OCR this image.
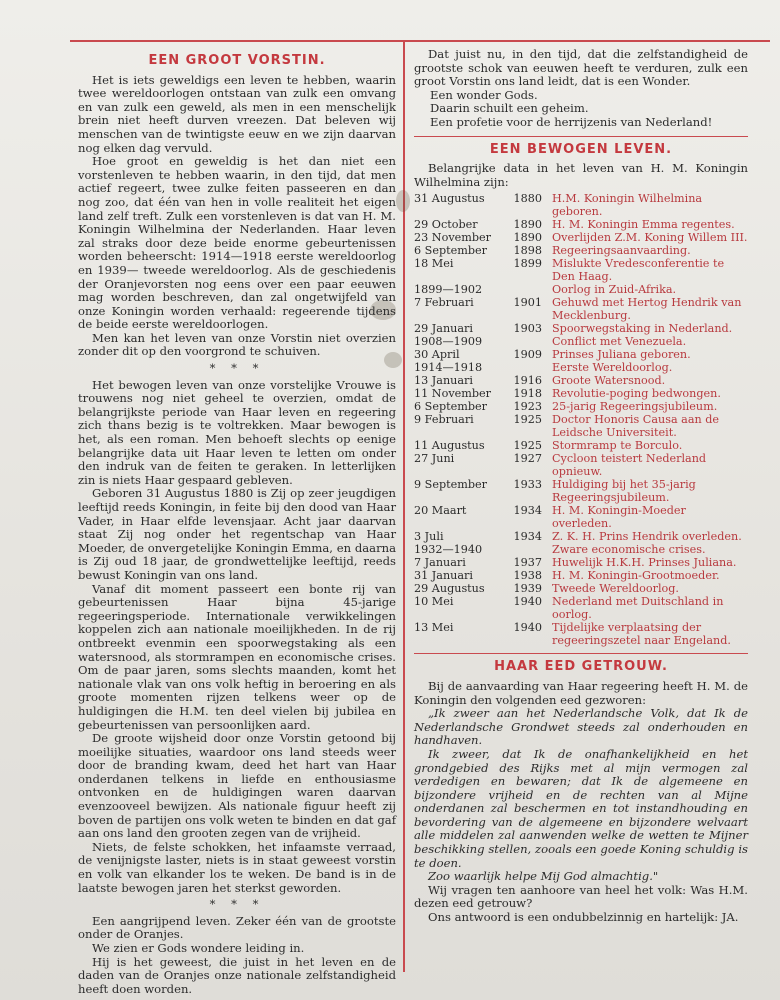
EEN GROOT VORSTIN.

Het is iets geweldigs een leven te hebben, waarin twee wereldoorlogen ontstaan van zulk een omvang en van zulk een geweld, als men in een menschelijk brein niet heeft durven vreezen. Dat beleven wij menschen van de twintigste eeuw en we zijn daarvan nog elken dag vervuld.

Hoe groot en geweldig is het dan niet een vorstenleven te hebben waarin, in den tijd, dat men actief regeert, twee zulke feiten passeeren en dan nog zoo, dat één van hen in volle realiteit het eigen land zelf treft. Zulk een vorstenleven is dat van H. M. Koningin Wilhelmina der Nederlanden. Haar leven zal straks door deze beide enorme gebeurtenissen worden beheerscht: 1914—1918 eerste wereldoorlog en 1939— tweede wereldoorlog. Als de geschiedenis der Oranjevorsten nog eens over een paar eeuwen mag worden beschreven, dan zal ongetwijfeld van onze Koningin worden verhaald: regeerende tijdens de beide eerste wereldoorlogen.

Men kan het leven van onze Vorstin niet overzien zonder dit op den voorgrond te schuiven.

* * *

Het bewogen leven van onze vorstelijke Vrouwe is trouwens nog niet geheel te overzien, omdat de belangrijkste periode van Haar leven en regeering zich thans bezig is te voltrekken. Maar bewogen is het, als een roman. Men behoeft slechts op eenige belangrijke data uit Haar leven te letten om onder den indruk van de feiten te geraken. In letterlijken zin is niets Haar gespaard gebleven.

Geboren 31 Augustus 1880 is Zij op zeer jeugdigen leeftijd reeds Koningin, in feite bij den dood van Haar Vader, in Haar elfde levensjaar. Acht jaar daarvan staat Zij nog onder het regentschap van Haar Moeder, de onvergetelijke Koningin Emma, en daarna is Zij oud 18 jaar, de grondwettelijke leeftijd, reeds bewust Koningin van ons land.

Vanaf dit moment passeert een bonte rij van gebeurtenissen Haar bijna 45-jarige regeeringsperiode. Internationale verwikkelingen koppelen zich aan nationale moeilijkheden. In de rij ontbreekt evenmin een spoorwegstaking als een watersnood, als stormrampen en economische crises. Om de paar jaren, soms slechts maanden, komt het nationale vlak van ons volk heftig in beroering en als groote momenten rijzen telkens weer op de huldigingen die H.M. ten deel vielen bij jubilea en gebeurtenissen van persoonlijken aard.

De groote wijsheid door onze Vorstin getoond bij moeilijke situaties, waardoor ons land steeds weer door de branding kwam, deed het hart van Haar onderdanen telkens in liefde en enthousiasme ontvonken en de huldigingen waren daarvan evenzooveel bewijzen. Als nationale figuur heeft zij boven de partijen ons volk weten te binden en dat gaf aan ons land den grooten zegen van de vrijheid.

Niets, de felste schokken, het infaamste verraad, de venijnigste laster, niets is in staat geweest vorstin en volk van elkander los te weken. De band is in de laatste bewogen jaren het sterkst geworden.

* * *

Een aangrijpend leven. Zeker één van de grootste onder de Oranjes.

We zien er Gods wondere leiding in.

Hij is het geweest, die juist in het leven en de daden van de Oranjes onze nationale zelfstandigheid heeft doen worden.

Dat juist nu, in den tijd, dat die zelfstandigheid de grootste schok van eeuwen heeft te verduren, zulk een groot Vorstin ons land leidt, dat is een Wonder.

Een wonder Gods.
Daarin schuilt een geheim.
Een profetie voor de herrijzenis van Nederland!
EEN BEWOGEN LEVEN.

Belangrijke data in het leven van H. M. Koningin Wilhelmina zijn:

31 Augustus	1880	H.M. Koningin Wilhelmina geboren.
29 October	1890	H. M. Koningin Emma regentes.
23 November	1890	Overlijden Z.M. Koning Willem III.
6 September	1898	Regeeringsaanvaarding.
18 Mei	1899	Mislukte Vredesconferentie te Den Haag.
1899—1902		Oorlog in Zuid-Afrika.
7 Februari	1901	Gehuwd met Hertog Hendrik van Mecklenburg.
29 Januari	1903	Spoorwegstaking in Nederland.
1908—1909		Conflict met Venezuela.
30 April	1909	Prinses Juliana geboren.
1914—1918		Eerste Wereldoorlog.
13 Januari	1916	Groote Watersnood.
11 November	1918	Revolutie-poging bedwongen.
6 September	1923	25-jarig Regeeringsjubileum.
9 Februari	1925	Doctor Honoris Causa aan de Leidsche Universiteit.
11 Augustus	1925	Stormramp te Borculo.
27 Juni	1927	Cycloon teistert Nederland opnieuw.
9 September	1933	Huldiging bij het 35-jarig Regeeringsjubileum.
20 Maart	1934	H. M. Koningin-Moeder overleden.
3 Juli	1934	Z. K. H. Prins Hendrik overleden.
1932—1940		Zware economische crises.
7 Januari	1937	Huwelijk H.K.H. Prinses Juliana.
31 Januari	1938	H. M. Koningin-Grootmoeder.
29 Augustus	1939	Tweede Wereldoorlog.
10 Mei	1940	Nederland met Duitschland in oorlog.
13 Mei	1940	Tijdelijke verplaatsing der regeeringszetel naar Engeland.
HAAR EED GETROUW.

Bij de aanvaarding van Haar regeering heeft H. M. de Koningin den volgenden eed gezworen:

„Ik zweer aan het Nederlandsche Volk, dat Ik de Nederlandsche Grondwet steeds zal onderhouden en handhaven.

Ik zweer, dat Ik de onafhankelijkheid en het grondgebied des Rijks met al mijn vermogen zal verdedigen en bewaren; dat Ik de algemeene en bijzondere vrijheid en de rechten van al Mijne onderdanen zal beschermen en tot instandhouding en bevordering van de algemeene en bijzondere welvaart alle middelen zal aanwenden welke de wetten te Mijner beschikking stellen, zooals een goede Koning schuldig is te doen.

Zoo waarlijk helpe Mij God almachtig."

Wij vragen ten aanhoore van heel het volk: Was H.M. dezen eed getrouw?

Ons antwoord is een ondubbelzinnig en hartelijk: JA.
